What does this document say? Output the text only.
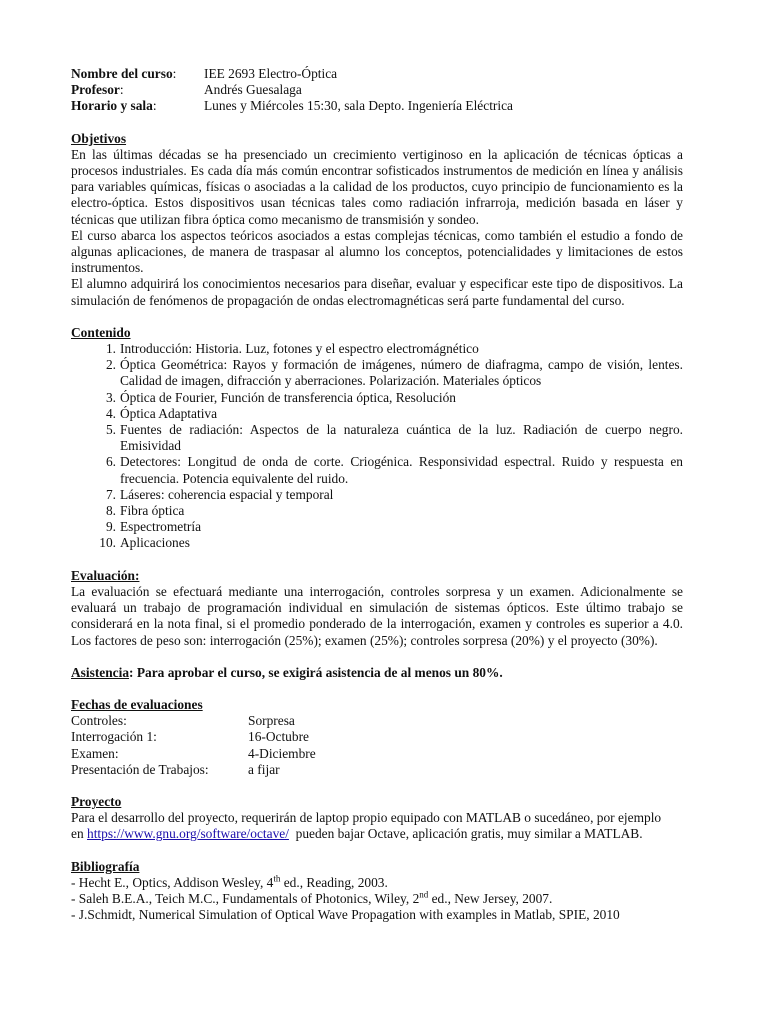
Nombre del curso:	IEE 2693 Electro-Óptica
Profesor:	Andrés Guesalaga
Horario y sala:	Lunes y Miércoles 15:30, sala Depto. Ingeniería Eléctrica

Objetivos

En las últimas décadas se ha presenciado un crecimiento vertiginoso en la aplicación de técnicas ópticas a procesos industriales. Es cada día más común encontrar sofisticados instrumentos de medición en línea y análisis para variables químicas, físicas o asociadas a la calidad de los productos, cuyo principio de funcionamiento es la electro-óptica. Estos dispositivos usan técnicas tales como radiación infrarroja, medición basada en láser y técnicas que utilizan fibra óptica como mecanismo de transmisión y sondeo.

El curso abarca los aspectos teóricos asociados a estas complejas técnicas, como también el estudio a fondo de algunas aplicaciones, de manera de traspasar al alumno los conceptos, potencialidades y limitaciones de estos instrumentos.

El alumno adquirirá los conocimientos necesarios para diseñar, evaluar y especificar este tipo de dispositivos. La simulación de fenómenos de propagación de ondas electromagnéticas será parte fundamental del curso.

Contenido

1. Introducción: Historia. Luz, fotones y el espectro electromágnético
2. Óptica Geométrica: Rayos y formación de imágenes, número de diafragma, campo de visión, lentes. Calidad de imagen, difracción y aberraciones. Polarización. Materiales ópticos
3. Óptica de Fourier, Función de transferencia óptica, Resolución
4. Óptica Adaptativa
5. Fuentes de radiación: Aspectos de la naturaleza cuántica de la luz. Radiación de cuerpo negro. Emisividad
6. Detectores: Longitud de onda de corte. Criogénica. Responsividad espectral. Ruido y respuesta en frecuencia. Potencia equivalente del ruido.
7. Láseres: coherencia espacial y temporal
8. Fibra óptica
9. Espectrometría
10. Aplicaciones

Evaluación:

La evaluación se efectuará mediante una interrogación, controles sorpresa y un examen. Adicionalmente se evaluará un trabajo de programación individual en simulación de sistemas ópticos. Este último trabajo se considerará en la nota final, si el promedio ponderado de la interrogación, examen y controles es superior a 4.0. Los factores de peso son: interrogación (25%); examen (25%); controles sorpresa (20%) y el proyecto (30%).

Asistencia: Para aprobar el curso, se exigirá asistencia de al menos un 80%.

Fechas de evaluaciones

Controles:	Sorpresa
Interrogación 1:	16-Octubre
Examen:	4-Diciembre
Presentación de Trabajos:	a fijar

Proyecto

Para el desarrollo del proyecto, requerirán de laptop propio equipado con MATLAB o sucedáneo, por ejemplo

en https://www.gnu.org/software/octave/  pueden bajar Octave, aplicación gratis, muy similar a MATLAB.

Bibliografía

- Hecht E., Optics, Addison Wesley, 4th ed., Reading, 2003.

- Saleh B.E.A., Teich M.C., Fundamentals of Photonics, Wiley, 2nd ed., New Jersey, 2007.

- J.Schmidt, Numerical Simulation of Optical Wave Propagation with examples in Matlab, SPIE, 2010
